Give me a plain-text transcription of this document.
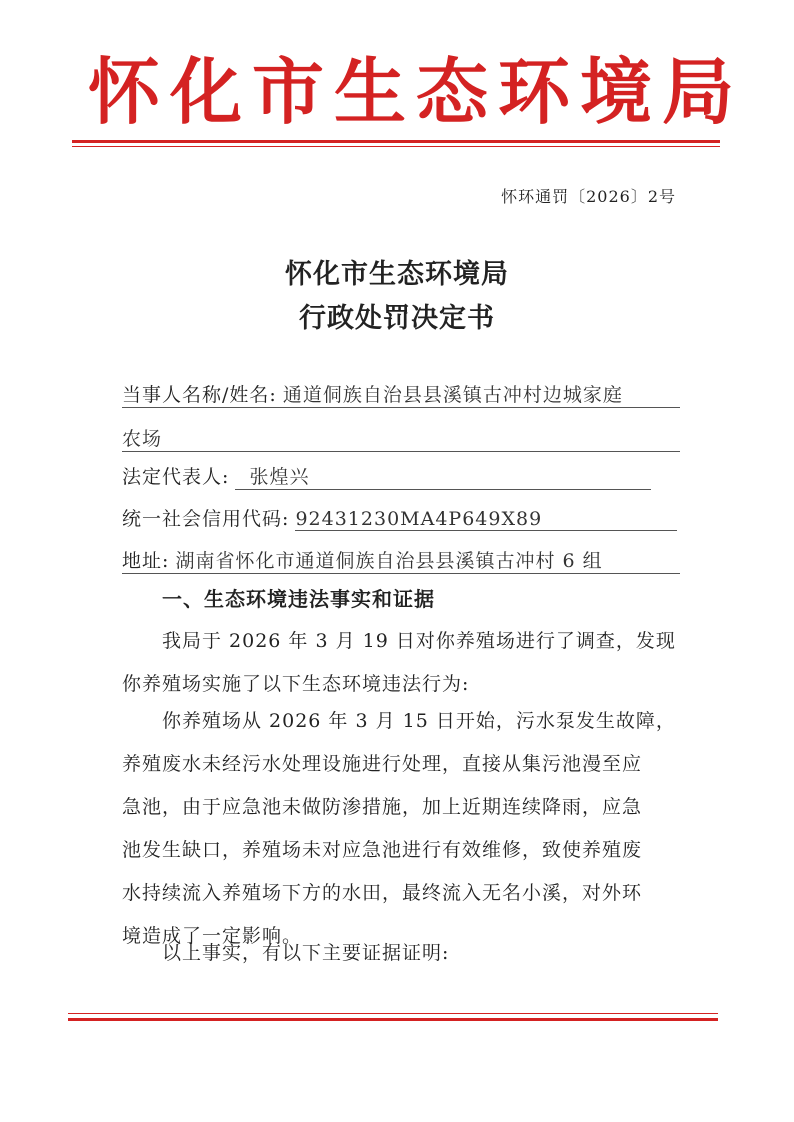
怀化市生态环境局
怀环通罚〔2026〕2号
怀化市生态环境局
行政处罚决定书
当事人名称/姓名: 通道侗族自治县县溪镇古冲村边城家庭
农场
法定代表人: 张煌兴
统一社会信用代码: 92431230MA4P649X89
地址: 湖南省怀化市通道侗族自治县县溪镇古冲村 6 组
一、生态环境违法事实和证据
我局于 2026 年 3 月 19 日对你养殖场进行了调查，发现
你养殖场实施了以下生态环境违法行为:
你养殖场从 2026 年 3 月 15 日开始，污水泵发生故障，
养殖废水未经污水处理设施进行处理，直接从集污池漫至应
急池，由于应急池未做防渗措施，加上近期连续降雨，应急
池发生缺口，养殖场未对应急池进行有效维修，致使养殖废
水持续流入养殖场下方的水田，最终流入无名小溪，对外环
境造成了一定影响。
以上事实，有以下主要证据证明:
